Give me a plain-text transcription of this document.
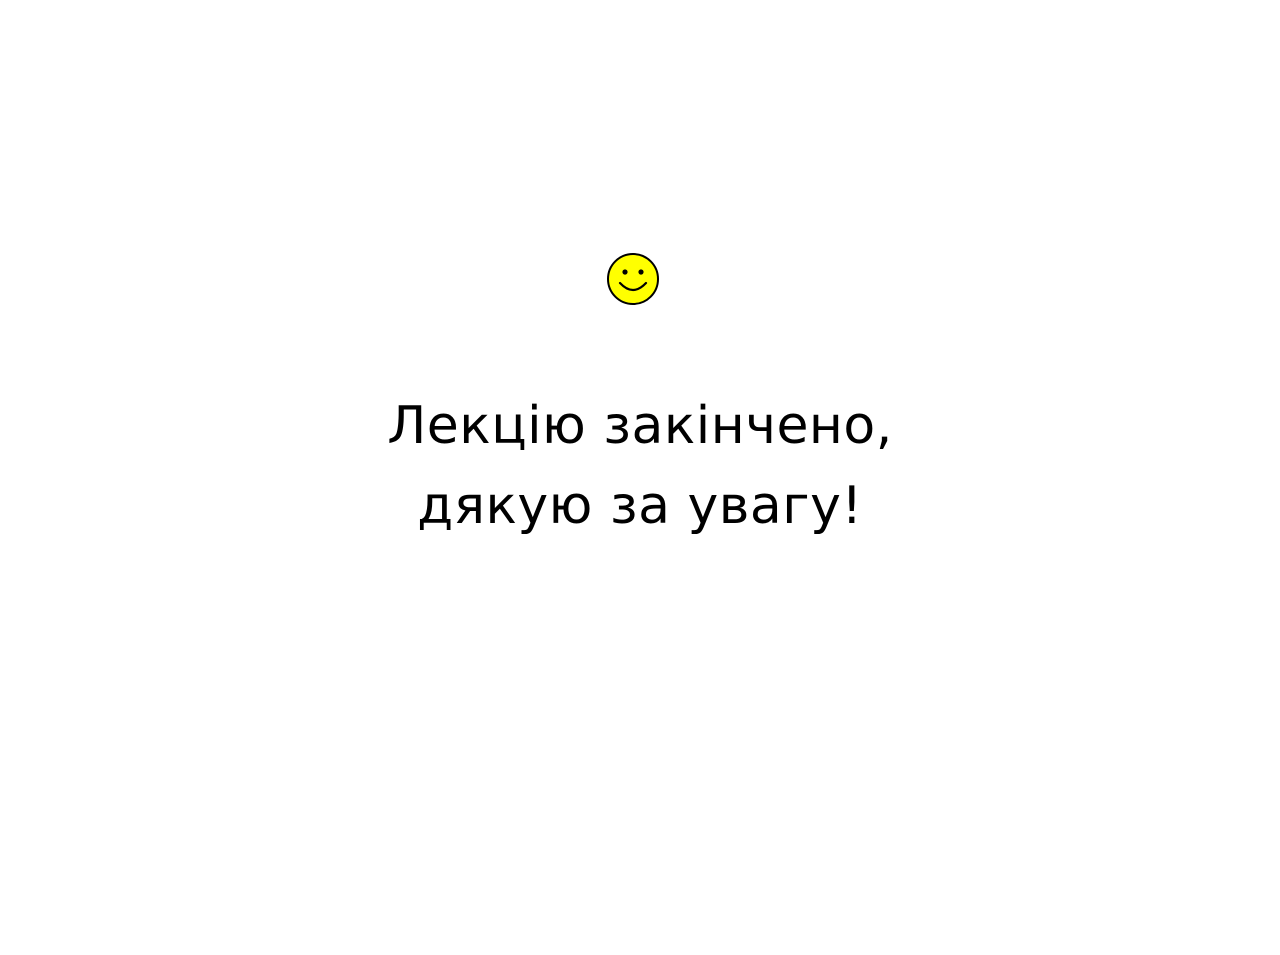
Лекцію закінчено,
дякую за увагу!
